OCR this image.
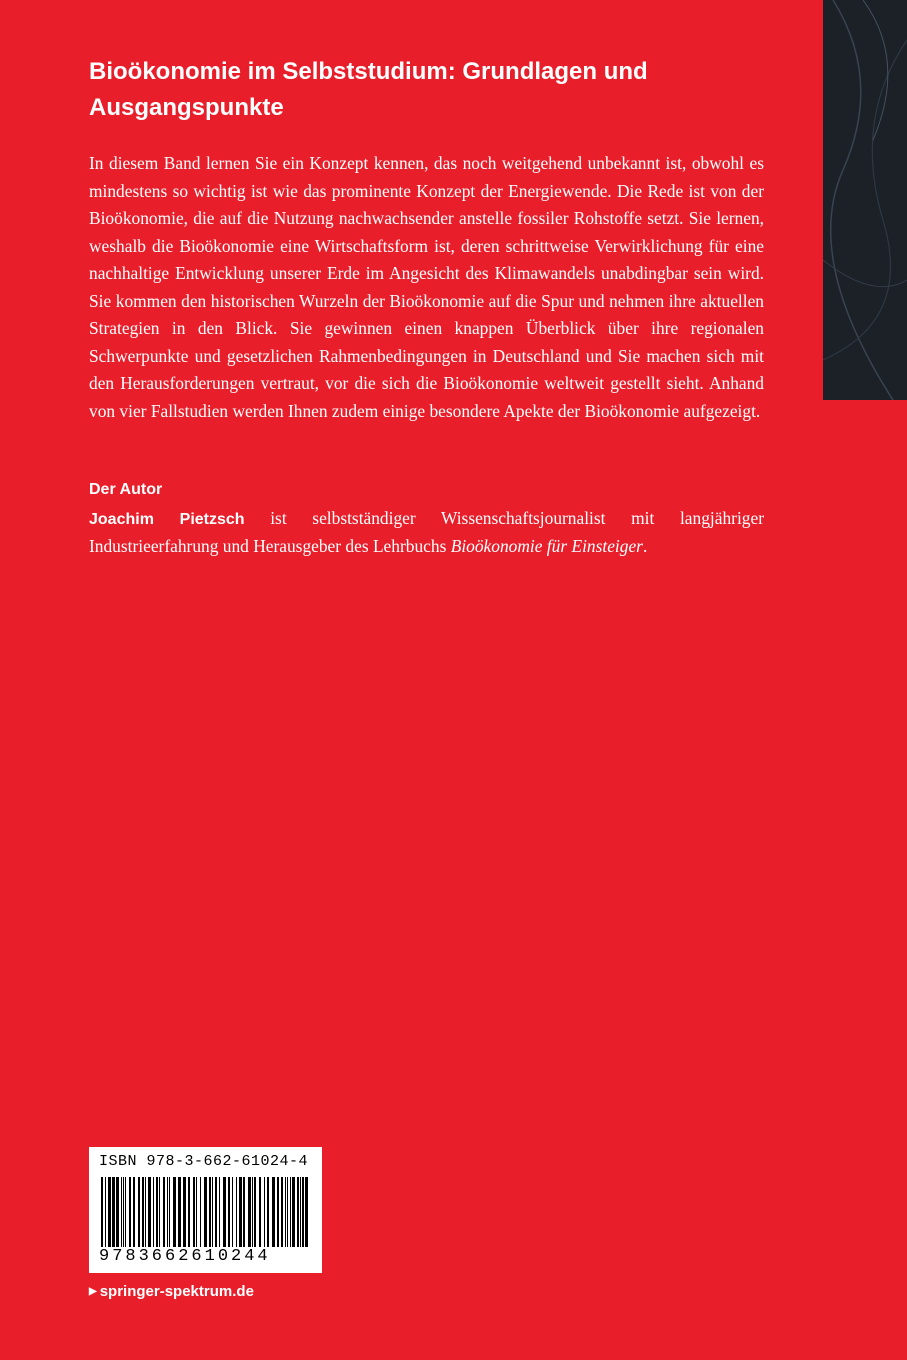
Bioökonomie im Selbststudium: Grundlagen und Ausgangspunkte

In diesem Band lernen Sie ein Konzept kennen, das noch weitgehend unbekannt ist, obwohl es mindestens so wichtig ist wie das prominente Konzept der Energiewende. Die Rede ist von der Bioökonomie, die auf die Nutzung nachwachsender anstelle fossiler Rohstoffe setzt. Sie lernen, weshalb die Bioökonomie eine Wirtschaftsform ist, deren schrittweise Verwirklichung für eine nachhaltige Entwicklung unserer Erde im Angesicht des Klimawandels unabdingbar sein wird. Sie kommen den historischen Wurzeln der Bioökonomie auf die Spur und nehmen ihre aktuellen Strategien in den Blick. Sie gewinnen einen knappen Überblick über ihre regionalen Schwerpunkte und gesetzlichen Rahmenbedingungen in Deutschland und Sie machen sich mit den Herausforderungen vertraut, vor die sich die Bioökonomie weltweit gestellt sieht. Anhand von vier Fallstudien werden Ihnen zudem einige besondere Apekte der Bioökonomie aufgezeigt.

Der Autor

Joachim Pietzsch ist selbstständiger Wissenschaftsjournalist mit langjähriger Industrieerfahrung und Herausgeber des Lehrbuchs Bioökonomie für Einsteiger.

ISBN 978-3-662-61024-4
9783662610244
▶ springer-spektrum.de
